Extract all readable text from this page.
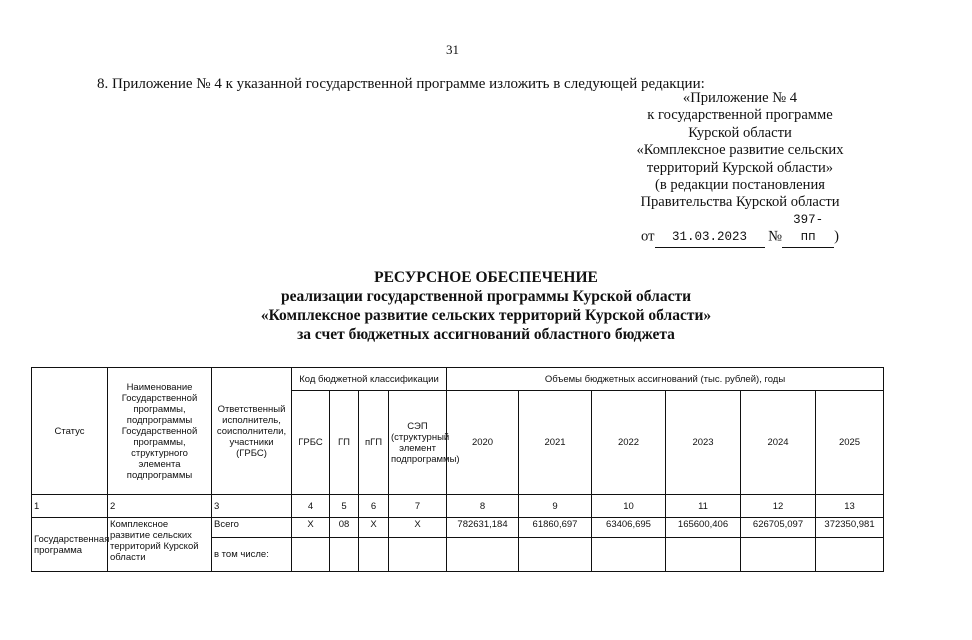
31
8. Приложение № 4 к указанной государственной программе изложить в следующей редакции:
«Приложение № 4
к государственной программе
Курской области
«Комплексное развитие сельских
территорий Курской области»
(в редакции постановления
Правительства Курской области
от 31.03.2023 №397-пп )
РЕСУРСНОЕ ОБЕСПЕЧЕНИЕ
реализации государственной программы Курской области
«Комплексное развитие сельских территорий Курской области»
за счет бюджетных ассигнований областного бюджета
Статус	Наименование Государственной программы, подпрограммы Государственной программы, структурного элемента подпрограммы	Ответственный исполнитель, соисполнители, участники (ГРБС)	Код бюджетной классификации				Объемы бюджетных ассигнований (тыс. рублей), годы					
			ГРБС	ГП	пГП	СЭП (структурный элемент подпрограммы)	2020	2021	2022	2023	2024	2025
1	2	3	4	5	6	7	8	9	10	11	12	13
Государственная программа	Комплексное развитие сельских территорий Курской области	Всего	Х	08	Х	Х	782631,184	61860,697	63406,695	165600,406	626705,097	372350,981
		в том числе:										
